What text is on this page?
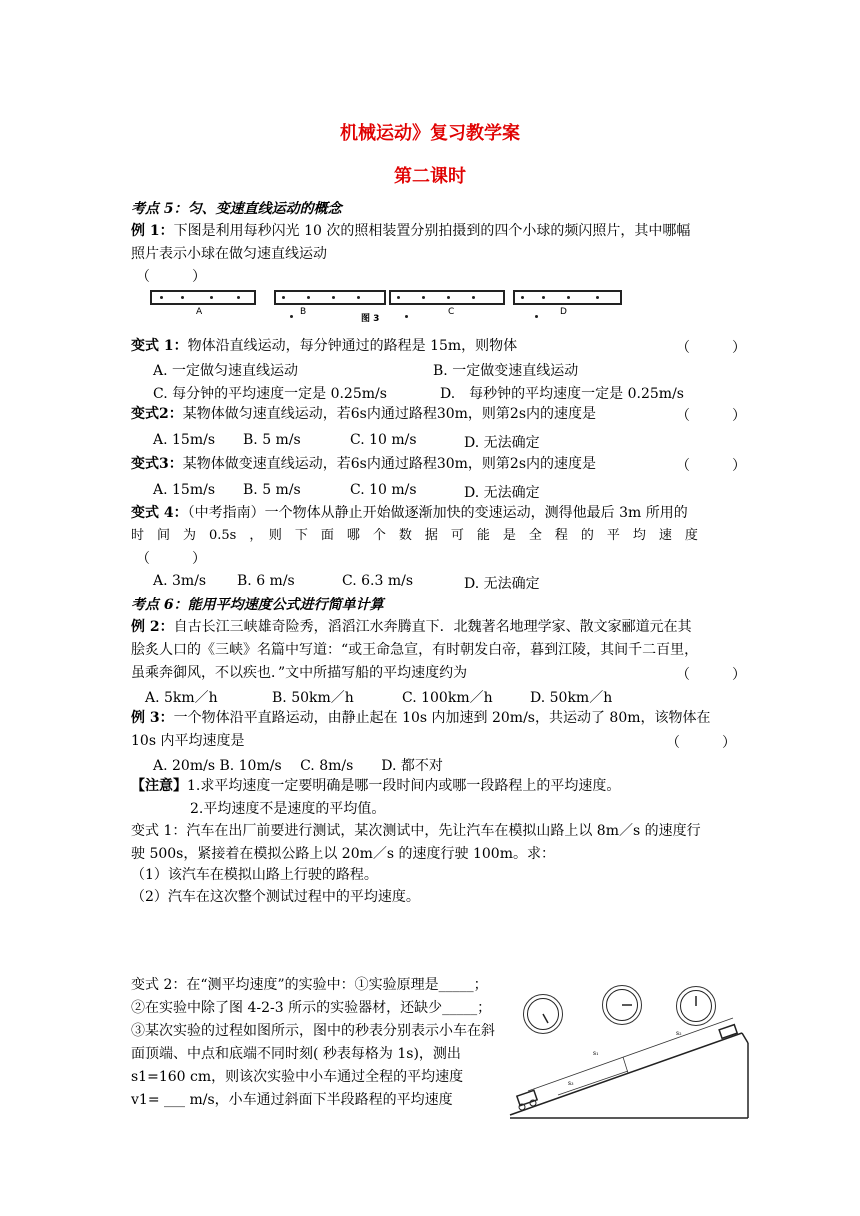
机械运动》复习教学案
第二课时
考点 5：匀、变速直线运动的概念
例 1：下图是利用每秒闪光 10 次的照相装置分别拍摄到的四个小球的频闪照片，其中哪幅
照片表示小球在做匀速直线运动
（　　　）
A	B	C	D
图 3
变式 1：物体沿直线运动，每分钟通过的路程是 15m，则物体	（　　　）
A. 一定做匀速直线运动	B. 一定做变速直线运动
C. 每分钟的平均速度一定是 0.25m/s	D.　每秒钟的平均速度一定是 0.25m/s
变式2：某物体做匀速直线运动，若6s内通过路程30m，则第2s内的速度是	（　　　）
A. 15m/s B. 5 m/s	C. 10 m/s	D. 无法确定
变式3：某物体做变速直线运动，若6s内通过路程30m，则第2s内的速度是	（　　　）
A. 15m/s B. 5 m/s	C. 10 m/s	D. 无法确定
变式 4：（中考指南）一个物体从静止开始做逐渐加快的变速运动，测得他最后 3m 所用的
时　间　为　0.5s　，　则　下　面　哪　个　数　据　可　能　是　全　程　的　平　均　速　度
（　　　）
A. 3m/s B. 6 m/s	C. 6.3 m/s	D. 无法确定
考点 6：能用平均速度公式进行简单计算
例 2：自古长江三峡雄奇险秀，滔滔江水奔腾直下．北魏著名地理学家、散文家郦道元在其
脍炙人口的《三峡》名篇中写道：“或王命急宣，有时朝发白帝，暮到江陵，其间千二百里，
虽乘奔御风，不以疾也．”文中所描写船的平均速度约为	（　　　）
A. 5km／h	B. 50km／h	C. 100km／h	D. 50km／h
例 3：一个物体沿平直路运动，由静止起在 10s 内加速到 20m/s，共运动了 80m，该物体在
10s 内平均速度是	（　　　）
A. 20m/s B. 10m/s　 C. 8m/s　　D. 都不对
【注意】1.求平均速度一定要明确是哪一段时间内或哪一段路程上的平均速度。
2.平均速度不是速度的平均值。
变式 1：汽车在出厂前要进行测试，某次测试中，先让汽车在模拟山路上以 8m／s 的速度行
驶 500s，紧接着在模拟公路上以 20m／s 的速度行驶 100m。求：
（1）该汽车在模拟山路上行驶的路程。
（2）汽车在这次整个测试过程中的平均速度。
变式 2：在“测平均速度”的实验中：①实验原理是_____；
②在实验中除了图 4-2-3 所示的实验器材，还缺少_____；
③某次实验的过程如图所示，图中的秒表分别表示小车在斜
面顶端、中点和底端不同时刻( 秒表每格为 1s)，测出
s1=160 cm，则该次实验中小车通过全程的平均速度
v1= ___ m/s，小车通过斜面下半段路程的平均速度
s₁
s₂
s₃
